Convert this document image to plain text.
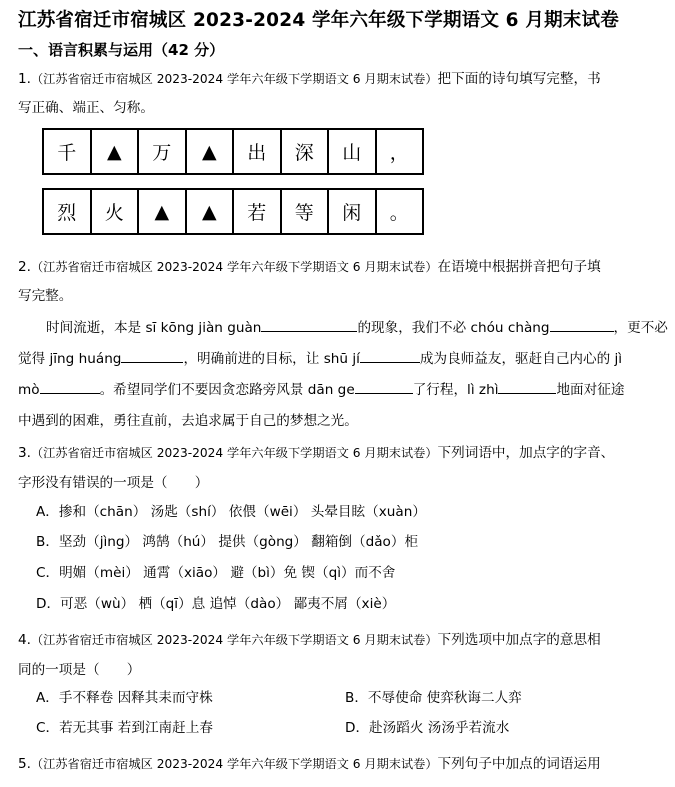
江苏省宿迁市宿城区 2023-2024 学年六年级下学期语文 6 月期末试卷
一、语言积累与运用（42 分）
1.（江苏省宿迁市宿城区 2023-2024 学年六年级下学期语文 6 月期末试卷）把下面的诗句填写完整，书
写正确、端正、匀称。
千	▲	万	▲	出	深	山	，
烈	火	▲	▲	若	等	闲	。
2.（江苏省宿迁市宿城区 2023-2024 学年六年级下学期语文 6 月期末试卷）在语境中根据拼音把句子填
写完整。
时间流逝，本是 sī kōng jiàn guàn	的现象，我们不必 chóu chàng	，更不必
觉得 jīng huáng	，明确前进的目标，让 shū jí	成为良师益友，驱赶自己内心的 jì
mò	。希望同学们不要因贪恋路旁风景 dān ge	了行程，lì zhì	地面对征途
中遇到的困难，勇往直前，去追求属于自己的梦想之光。
3.（江苏省宿迁市宿城区 2023-2024 学年六年级下学期语文 6 月期末试卷）下列词语中，加点字的字音、
字形没有错误的一项是（　　）
A．掺和（chān） 汤匙（shí） 依偎（wēi） 头晕目眩（xuàn）
B．坚劲（jìng） 鸿鹄（hú） 提供（gòng） 翻箱倒（dǎo）柜
C．明媚（mèi） 通霄（xiāo） 避（bì）免 锲（qì）而不舍
D．可恶（wù） 栖（qī）息 追悼（dào） 鄙夷不屑（xiè）
4.（江苏省宿迁市宿城区 2023-2024 学年六年级下学期语文 6 月期末试卷）下列选项中加点字的意思相
同的一项是（　　）
A．手不释卷 因释其耒而守株	B．不辱使命 使弈秋诲二人弈
C．若无其事 若到江南赶上春	D．赴汤蹈火 汤汤乎若流水
5.（江苏省宿迁市宿城区 2023-2024 学年六年级下学期语文 6 月期末试卷）下列句子中加点的词语运用
